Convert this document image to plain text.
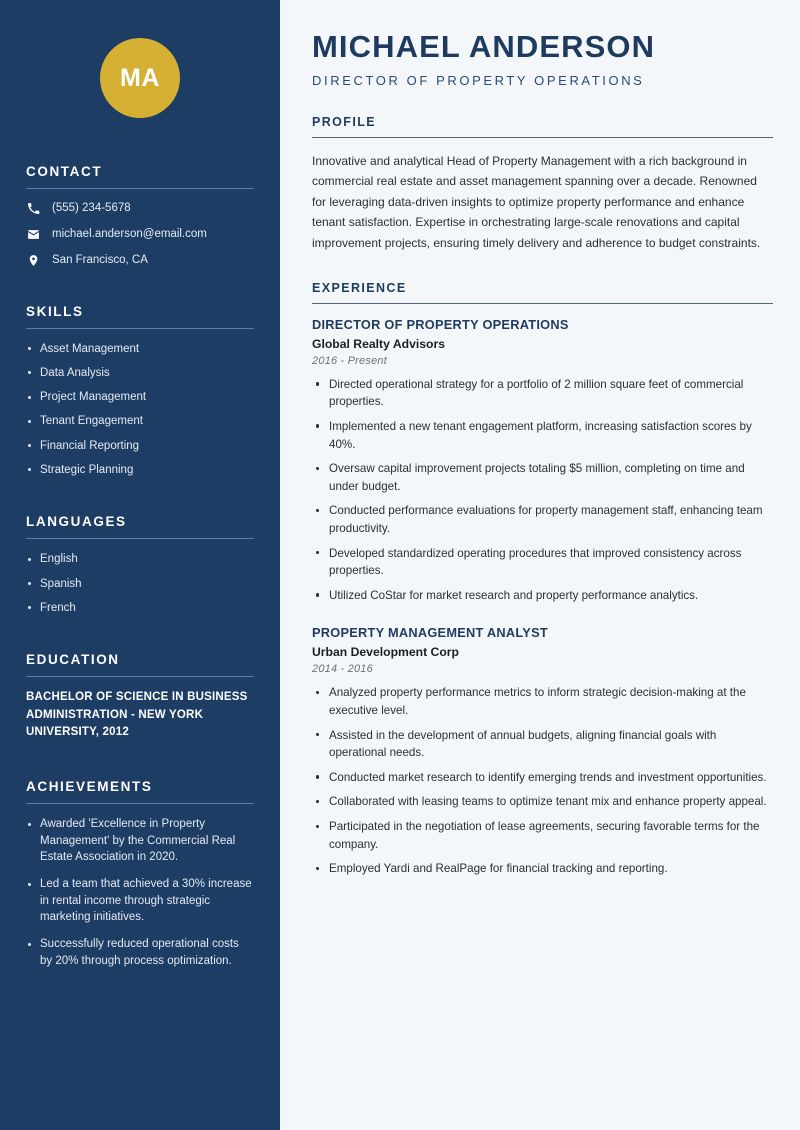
MA
CONTACT
(555) 234-5678
michael.anderson@email.com
San Francisco, CA
SKILLS
Asset Management
Data Analysis
Project Management
Tenant Engagement
Financial Reporting
Strategic Planning
LANGUAGES
English
Spanish
French
EDUCATION
BACHELOR OF SCIENCE IN BUSINESS ADMINISTRATION - NEW YORK UNIVERSITY, 2012
ACHIEVEMENTS
Awarded 'Excellence in Property Management' by the Commercial Real Estate Association in 2020.
Led a team that achieved a 30% increase in rental income through strategic marketing initiatives.
Successfully reduced operational costs by 20% through process optimization.
MICHAEL ANDERSON
DIRECTOR OF PROPERTY OPERATIONS
PROFILE

Innovative and analytical Head of Property Management with a rich background in commercial real estate and asset management spanning over a decade. Renowned for leveraging data-driven insights to optimize property performance and enhance tenant satisfaction. Expertise in orchestrating large-scale renovations and capital improvement projects, ensuring timely delivery and adherence to budget constraints.

EXPERIENCE
DIRECTOR OF PROPERTY OPERATIONS
Global Realty Advisors
2016 - Present
Directed operational strategy for a portfolio of 2 million square feet of commercial properties.
Implemented a new tenant engagement platform, increasing satisfaction scores by 40%.
Oversaw capital improvement projects totaling $5 million, completing on time and under budget.
Conducted performance evaluations for property management staff, enhancing team productivity.
Developed standardized operating procedures that improved consistency across properties.
Utilized CoStar for market research and property performance analytics.
PROPERTY MANAGEMENT ANALYST
Urban Development Corp
2014 - 2016
Analyzed property performance metrics to inform strategic decision-making at the executive level.
Assisted in the development of annual budgets, aligning financial goals with operational needs.
Conducted market research to identify emerging trends and investment opportunities.
Collaborated with leasing teams to optimize tenant mix and enhance property appeal.
Participated in the negotiation of lease agreements, securing favorable terms for the company.
Employed Yardi and RealPage for financial tracking and reporting.
